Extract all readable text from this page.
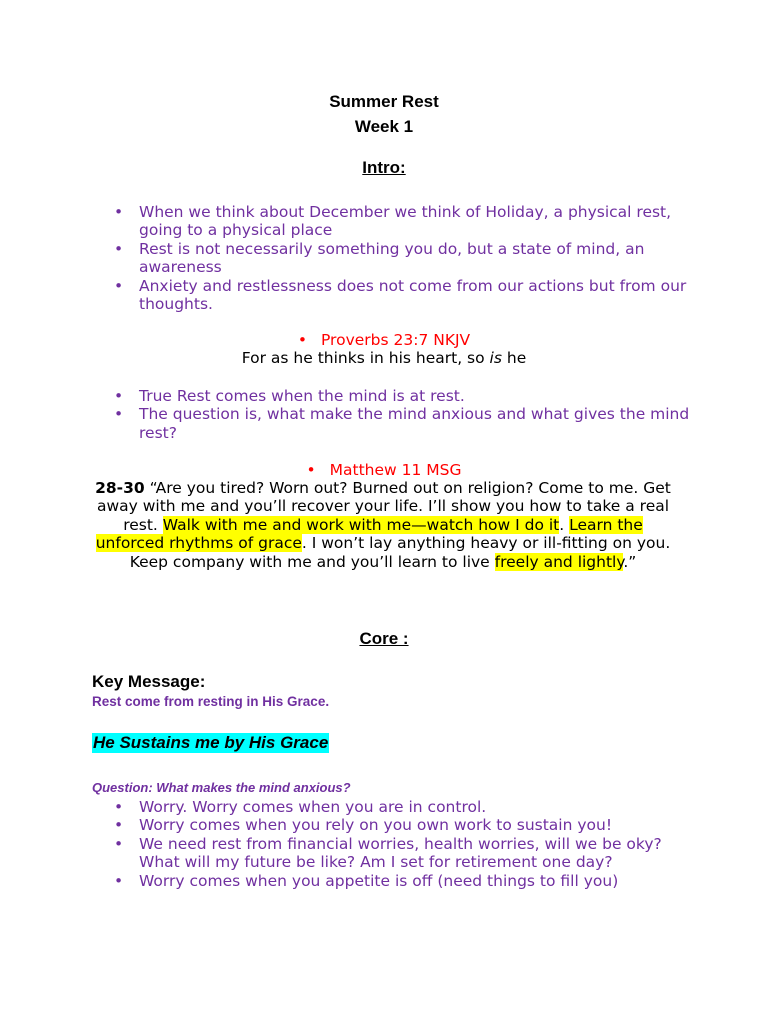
Summer Rest
Week 1
Intro:
• When we think about December we think of Holiday, a physical rest, going to a physical place
• Rest is not necessarily something you do, but a state of mind, an awareness
• Anxiety and restlessness does not come from our actions but from our thoughts.
• Proverbs 23:7 NKJV
For as he thinks in his heart, so is he
• True Rest comes when the mind is at rest.
• The question is, what make the mind anxious and what gives the mind rest?
• Matthew 11 MSG
28-30 “Are you tired? Worn out? Burned out on religion? Come to me. Get away with me and you’ll recover your life. I’ll show you how to take a real rest. Walk with me and work with me—watch how I do it. Learn the unforced rhythms of grace. I won’t lay anything heavy or ill-fitting on you. Keep company with me and you’ll learn to live freely and lightly.”
Core :
Key Message:
Rest come from resting in His Grace.
He Sustains me by His Grace
Question: What makes the mind anxious?
• Worry. Worry comes when you are in control.
• Worry comes when you rely on you own work to sustain you!
• We need rest from financial worries, health worries, will we be oky? What will my future be like? Am I set for retirement one day?
• Worry comes when you appetite is off (need things to fill you)
